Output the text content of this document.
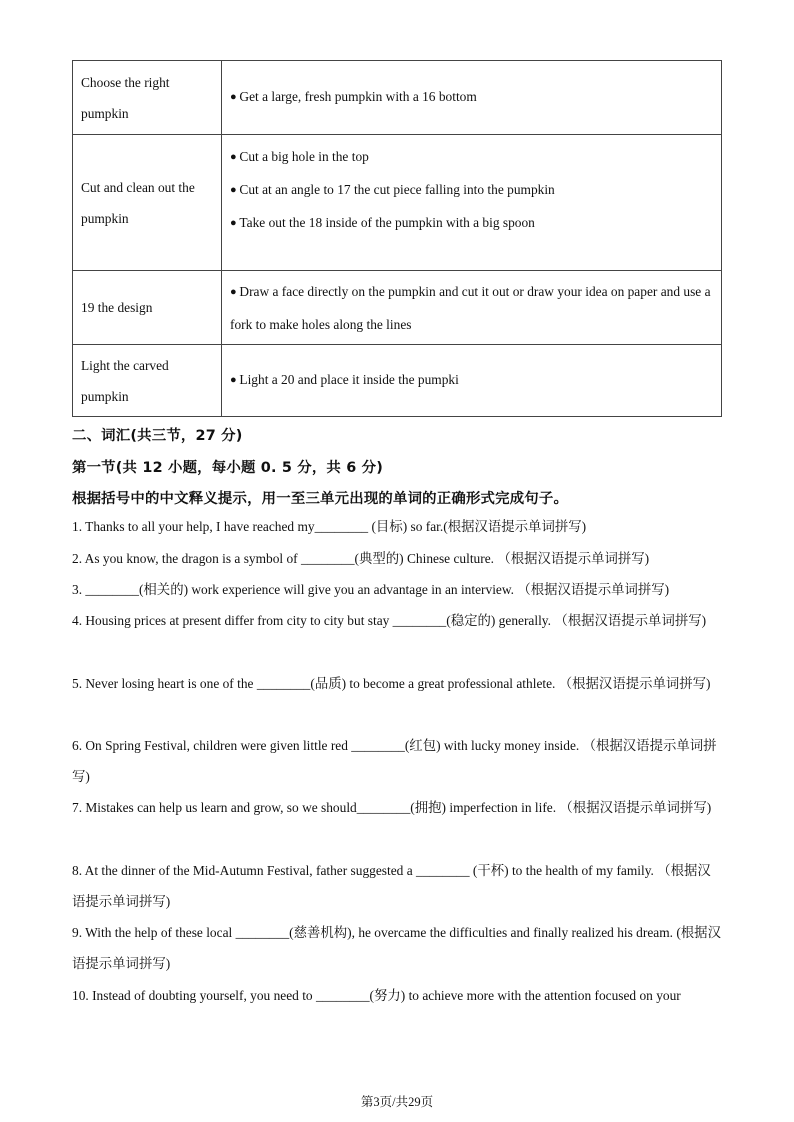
Choose the right pumpkin	● Get a large, fresh pumpkin with a 16 bottom

Cut and clean out the pumpkin	● Cut a big hole in the top
● Cut at an angle to 17 the cut piece falling into the pumpkin
● Take out the 18 inside of the pumpkin with a big spoon

19 the design	● Draw a face directly on the pumpkin and cut it out or draw your idea on paper and use a fork to make holes along the lines

Light the carved pumpkin	● Light a 20 and place it inside the pumpki
二、词汇(共三节，27 分)
第一节(共 12 小题，每小题 0. 5 分，共 6 分)
根据括号中的中文释义提示，用一至三单元出现的单词的正确形式完成句子。

1. Thanks to all your help, I have reached my________ (目标) so far.(根据汉语提示单词拼写)

2. As you know, the dragon is a symbol of ________(典型的) Chinese culture. （根据汉语提示单词拼写)

3. ________(相关的) work experience will give you an advantage in an interview. （根据汉语提示单词拼写)

4. Housing prices at present differ from city to city but stay ________(稳定的) generally. （根据汉语提示单词拼写)

5. Never losing heart is one of the ________(品质) to become a great professional athlete. （根据汉语提示单词拼写)

6. On Spring Festival, children were given little red ________(红包) with lucky money inside. （根据汉语提示单词拼写)

7. Mistakes can help us learn and grow, so we should________(拥抱) imperfection in life. （根据汉语提示单词拼写)

8. At the dinner of the Mid-Autumn Festival, father suggested a ________ (干杯) to the health of my family. （根据汉语提示单词拼写)

9. With the help of these local ________(慈善机构), he overcame the difficulties and finally realized his dream. (根据汉语提示单词拼写)

10. Instead of doubting yourself, you need to ________(努力) to achieve more with the attention focused on your

第3页/共29页
